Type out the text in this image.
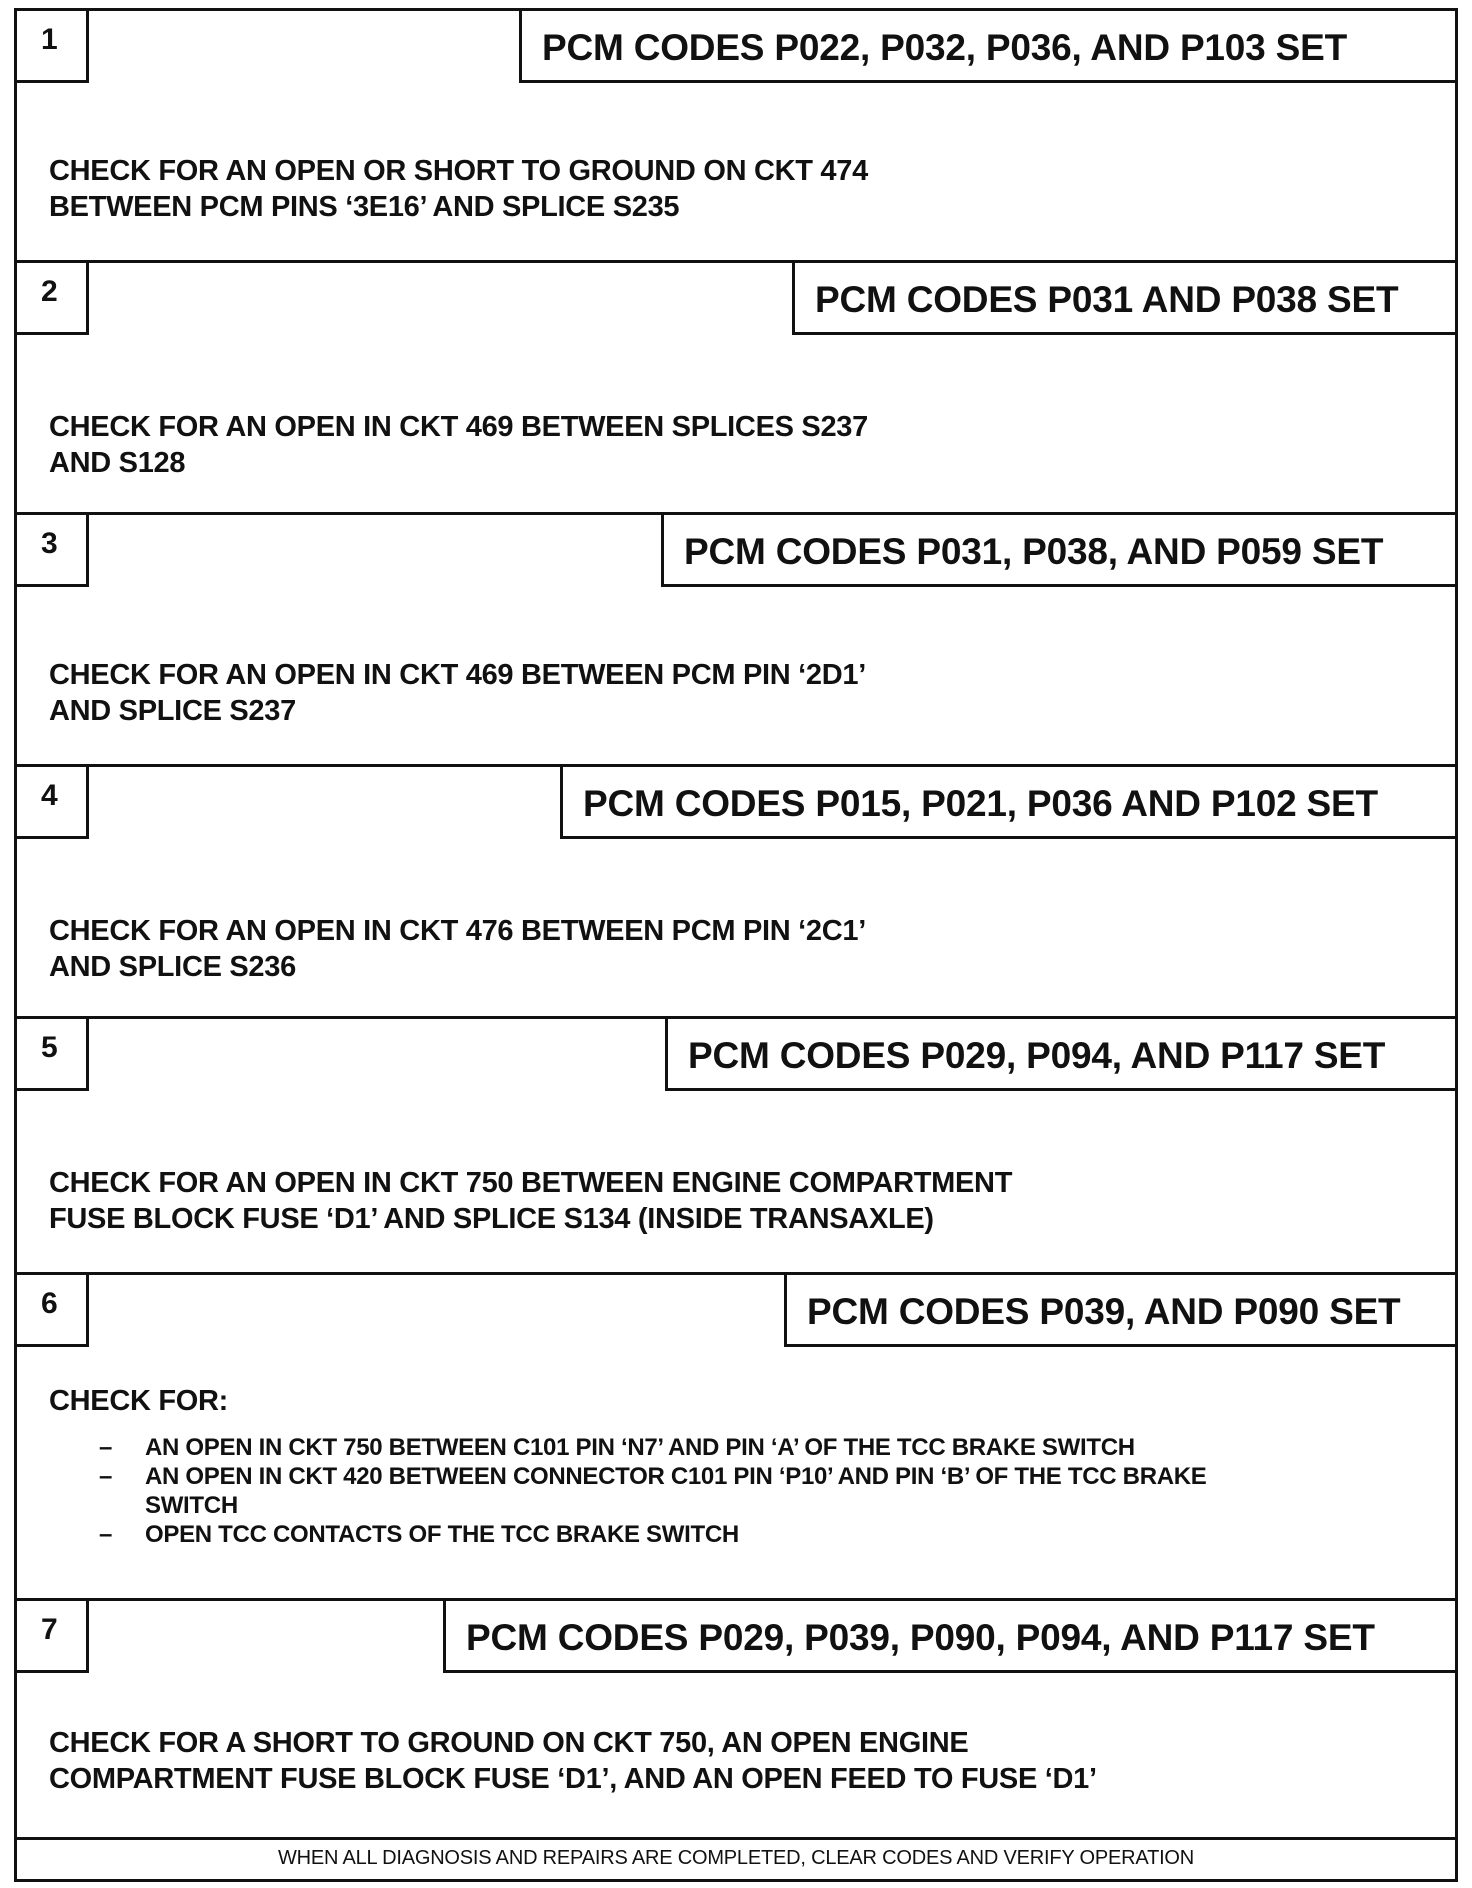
1	PCM CODES P022, P032, P036, AND P103 SET
CHECK FOR AN OPEN OR SHORT TO GROUND ON CKT 474
BETWEEN PCM PINS ‘3E16’ AND SPLICE S235
2	PCM CODES P031 AND P038 SET
CHECK FOR AN OPEN IN CKT 469 BETWEEN SPLICES S237
AND S128
3	PCM CODES P031, P038, AND P059 SET
CHECK FOR AN OPEN IN CKT 469 BETWEEN PCM PIN ‘2D1’
AND SPLICE S237
4	PCM CODES P015, P021, P036 AND P102 SET
CHECK FOR AN OPEN IN CKT 476 BETWEEN PCM PIN ‘2C1’
AND SPLICE S236
5	PCM CODES P029, P094, AND P117 SET
CHECK FOR AN OPEN IN CKT 750 BETWEEN ENGINE COMPARTMENT
FUSE BLOCK FUSE ‘D1’ AND SPLICE S134 (INSIDE TRANSAXLE)
6	PCM CODES P039, AND P090 SET
CHECK FOR:
– AN OPEN IN CKT 750 BETWEEN C101 PIN ‘N7’ AND PIN ‘A’ OF THE TCC BRAKE SWITCH
– AN OPEN IN CKT 420 BETWEEN CONNECTOR C101 PIN ‘P10’ AND PIN ‘B’ OF THE TCC BRAKE
SWITCH
– OPEN TCC CONTACTS OF THE TCC BRAKE SWITCH
7	PCM CODES P029, P039, P090, P094, AND P117 SET
CHECK FOR A SHORT TO GROUND ON CKT 750, AN OPEN ENGINE
COMPARTMENT FUSE BLOCK FUSE ‘D1’, AND AN OPEN FEED TO FUSE ‘D1’
WHEN ALL DIAGNOSIS AND REPAIRS ARE COMPLETED, CLEAR CODES AND VERIFY OPERATION
